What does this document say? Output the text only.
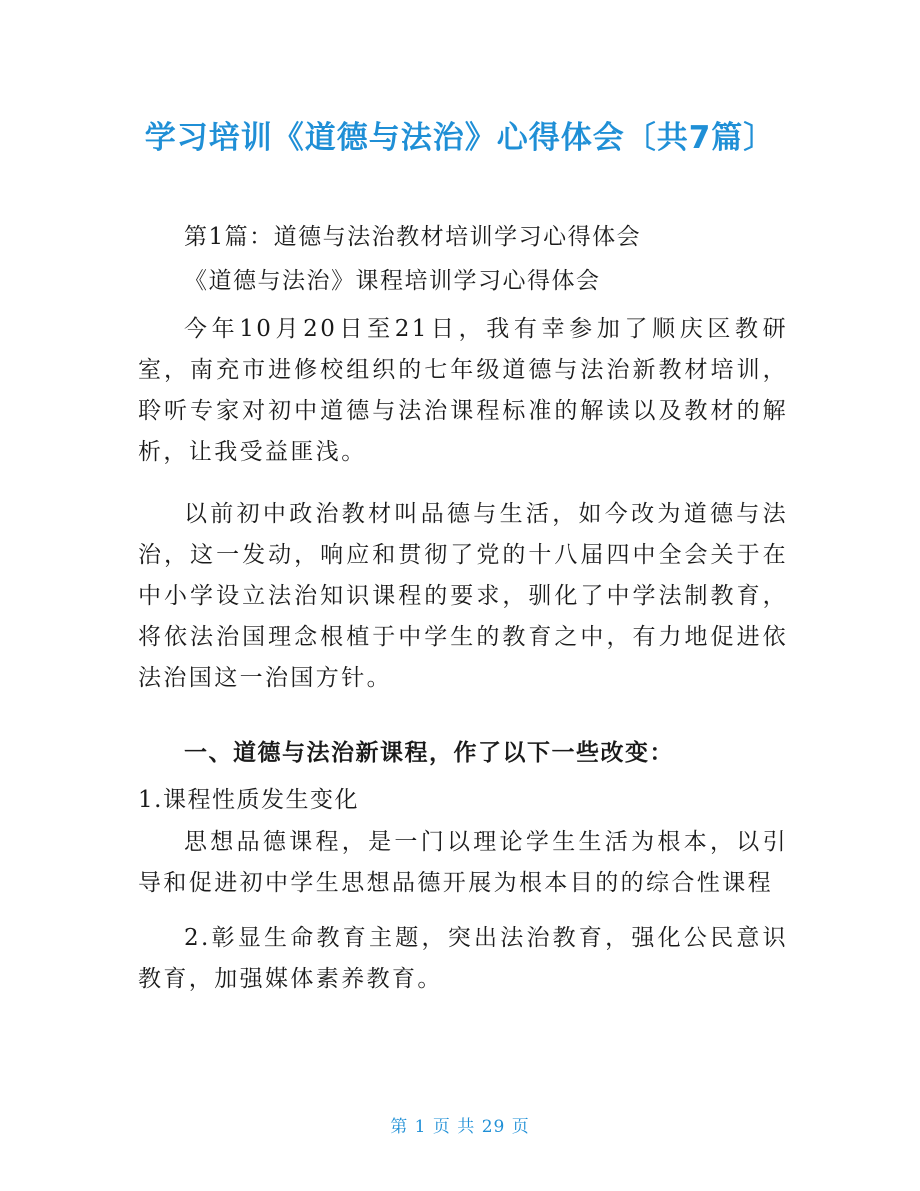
学习培训《道德与法治》心得体会〔共7篇〕
第1篇：道德与法治教材培训学习心得体会
《道德与法治》课程培训学习心得体会

今年10月20日至21日，我有幸参加了顺庆区教研室，南充市进修校组织的七年级道德与法治新教材培训，聆听专家对初中道德与法治课程标准的解读以及教材的解析，让我受益匪浅。

以前初中政治教材叫品德与生活，如今改为道德与法治，这一发动，响应和贯彻了党的十八届四中全会关于在中小学设立法治知识课程的要求，驯化了中学法制教育，将依法治国理念根植于中学生的教育之中，有力地促进依法治国这一治国方针。

一、道德与法治新课程，作了以下一些改变：
1.课程性质发生变化

思想品德课程，是一门以理论学生生活为根本，以引导和促进初中学生思想品德开展为根本目的的综合性课程

2.彰显生命教育主题，突出法治教育，强化公民意识教育，加强媒体素养教育。

第 1 页 共 29 页
